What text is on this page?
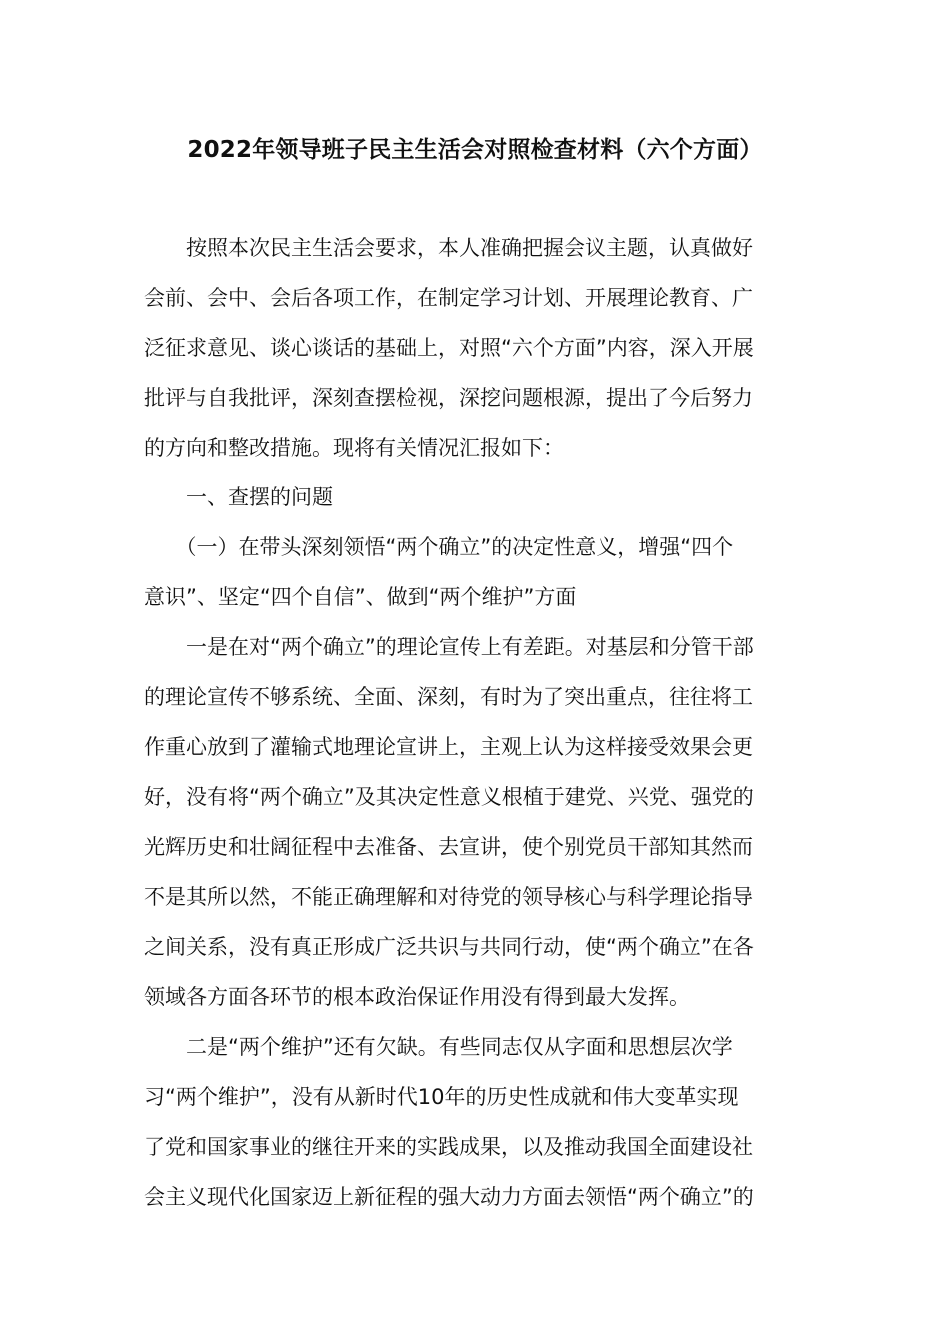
2022年领导班子民主生活会对照检查材料（六个方面）

　　按照本次民主生活会要求，本人准确把握会议主题，认真做好

会前、会中、会后各项工作，在制定学习计划、开展理论教育、广

泛征求意见、谈心谈话的基础上，对照“六个方面”内容，深入开展

批评与自我批评，深刻查摆检视，深挖问题根源，提出了今后努力

的方向和整改措施。现将有关情况汇报如下：

　　一、查摆的问题

　　（一）在带头深刻领悟“两个确立”的决定性意义，增强“四个

意识”、坚定“四个自信”、做到“两个维护”方面

　　一是在对“两个确立”的理论宣传上有差距。对基层和分管干部

的理论宣传不够系统、全面、深刻，有时为了突出重点，往往将工

作重心放到了灌输式地理论宣讲上，主观上认为这样接受效果会更

好，没有将“两个确立”及其决定性意义根植于建党、兴党、强党的

光辉历史和壮阔征程中去准备、去宣讲，使个别党员干部知其然而

不是其所以然，不能正确理解和对待党的领导核心与科学理论指导

之间关系，没有真正形成广泛共识与共同行动，使“两个确立”在各

领域各方面各环节的根本政治保证作用没有得到最大发挥。

　　二是“两个维护”还有欠缺。有些同志仅从字面和思想层次学

习“两个维护”，没有从新时代10年的历史性成就和伟大变革实现

了党和国家事业的继往开来的实践成果，以及推动我国全面建设社

会主义现代化国家迈上新征程的强大动力方面去领悟“两个确立”的
